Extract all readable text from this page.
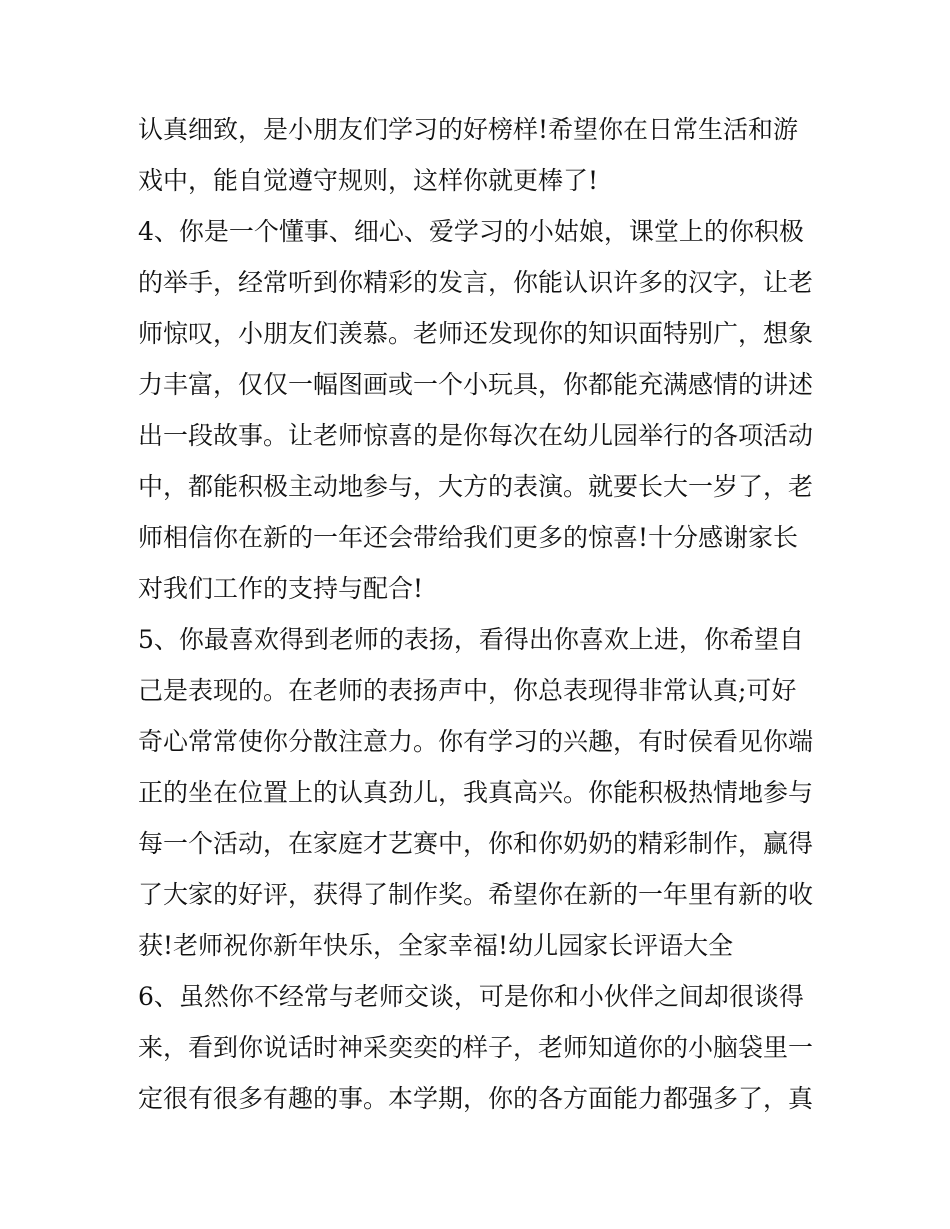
认真细致，是小朋友们学习的好榜样!希望你在日常生活和游
戏中，能自觉遵守规则，这样你就更棒了!
4、你是一个懂事、细心、爱学习的小姑娘，课堂上的你积极
的举手，经常听到你精彩的发言，你能认识许多的汉字，让老
师惊叹，小朋友们羡慕。老师还发现你的知识面特别广，想象
力丰富，仅仅一幅图画或一个小玩具，你都能充满感情的讲述
出一段故事。让老师惊喜的是你每次在幼儿园举行的各项活动
中，都能积极主动地参与，大方的表演。就要长大一岁了，老
师相信你在新的一年还会带给我们更多的惊喜!十分感谢家长
对我们工作的支持与配合!
5、你最喜欢得到老师的表扬，看得出你喜欢上进，你希望自
己是表现的。在老师的表扬声中，你总表现得非常认真;可好
奇心常常使你分散注意力。你有学习的兴趣，有时侯看见你端
正的坐在位置上的认真劲儿，我真高兴。你能积极热情地参与
每一个活动，在家庭才艺赛中，你和你奶奶的精彩制作，赢得
了大家的好评，获得了制作奖。希望你在新的一年里有新的收
获!老师祝你新年快乐，全家幸福!幼儿园家长评语大全
6、虽然你不经常与老师交谈，可是你和小伙伴之间却很谈得
来，看到你说话时神采奕奕的样子，老师知道你的小脑袋里一
定很有很多有趣的事。本学期，你的各方面能力都强多了，真
